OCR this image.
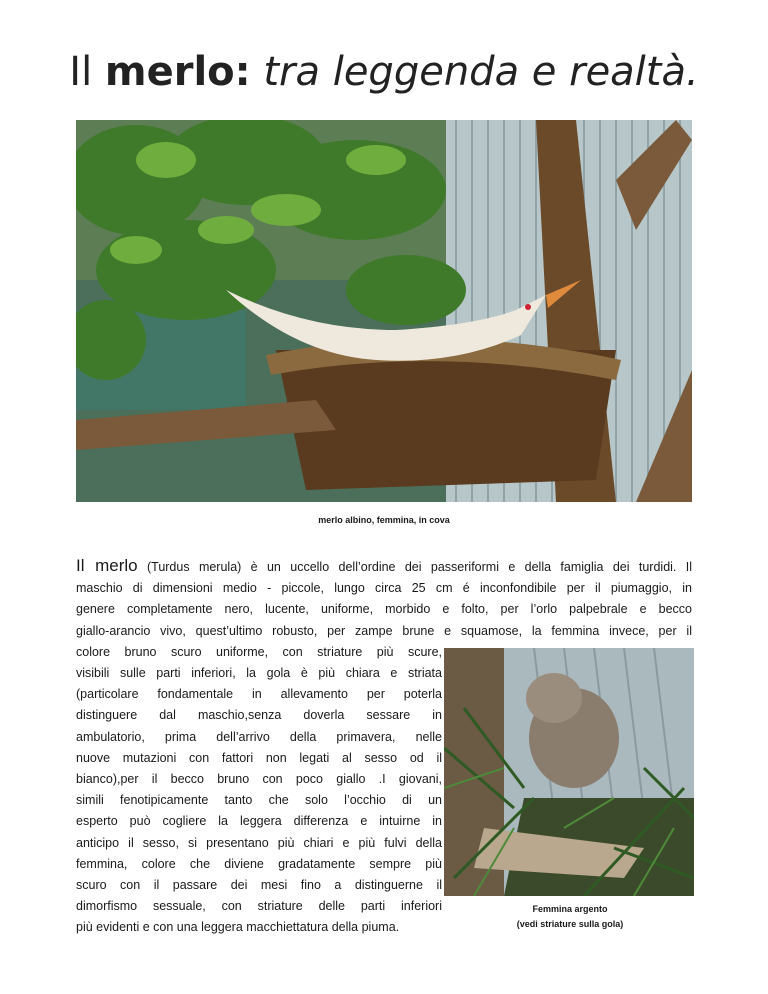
Il merlo: tra leggenda e realtà.
merlo albino, femmina, in cova
Il merlo (Turdus merula) è un uccello dell’ordine dei passeriformi e della famiglia dei turdidi. Il
maschio di dimensioni medio - piccole, lungo circa 25 cm é inconfondibile per il piumaggio, in
genere completamente nero, lucente, uniforme, morbido e folto, per l’orlo palpebrale e becco
giallo-arancio vivo, quest’ultimo robusto, per zampe brune e squamose, la femmina invece, per il
colore bruno scuro uniforme, con striature più scure,
visibili sulle parti inferiori, la gola è più chiara e striata
(particolare fondamentale in allevamento per poterla
distinguere dal maschio,senza doverla sessare in
ambulatorio, prima dell’arrivo della primavera, nelle
nuove mutazioni con fattori non legati al sesso od il
bianco),per il becco bruno con poco giallo .I giovani,
simili fenotipicamente tanto che solo l’occhio di un
esperto può cogliere la leggera differenza e intuirne in
anticipo il sesso, si presentano più chiari e più fulvi della
femmina, colore che diviene gradatamente sempre più
scuro con il passare dei mesi fino a distinguerne il
dimorfismo sessuale, con striature delle parti inferiori
più evidenti e con una leggera macchiettatura della piuma.
Femmina argento
(vedi striature sulla gola)
